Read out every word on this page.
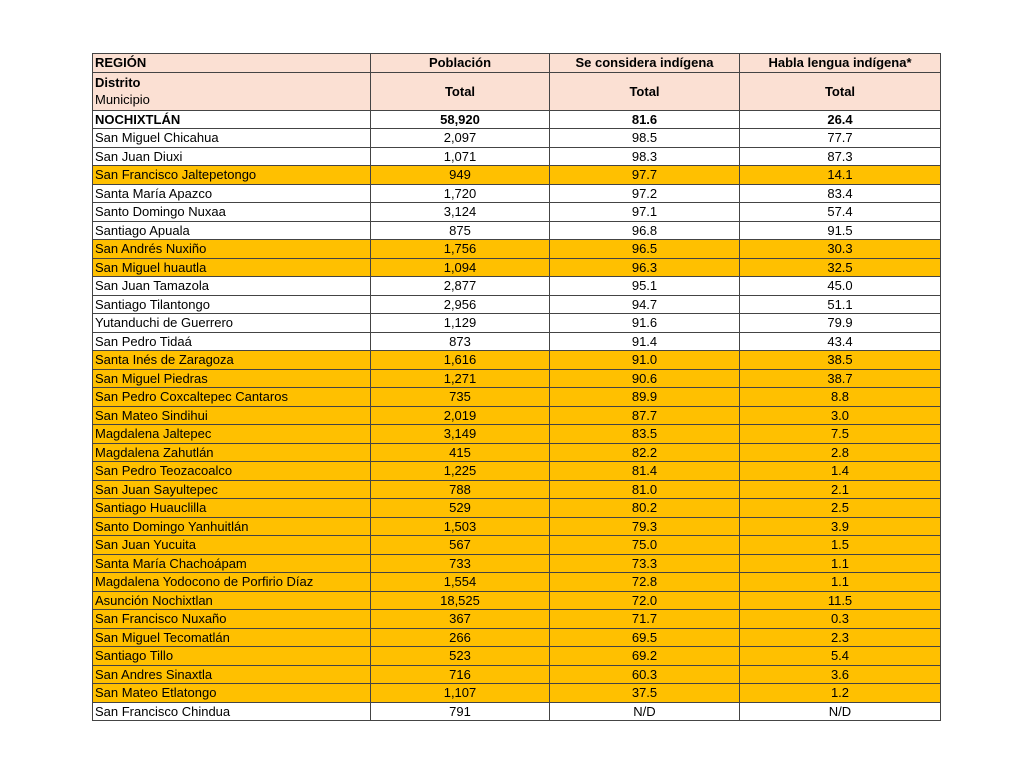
REGIÓN	Población	Se considera indígena	Habla lengua indígena*

Distrito
Municipio	Total	Total	Total
NOCHIXTLÁN	58,920	81.6	26.4
San Miguel Chicahua	2,097	98.5	77.7
San Juan Diuxi	1,071	98.3	87.3
San Francisco Jaltepetongo	949	97.7	14.1
Santa María Apazco	1,720	97.2	83.4
Santo Domingo Nuxaa	3,124	97.1	57.4
Santiago Apuala	875	96.8	91.5
San Andrés Nuxiño	1,756	96.5	30.3
San Miguel huautla	1,094	96.3	32.5
San Juan Tamazola	2,877	95.1	45.0
Santiago Tilantongo	2,956	94.7	51.1
Yutanduchi de Guerrero	1,129	91.6	79.9
San Pedro Tidaá	873	91.4	43.4
Santa Inés de Zaragoza	1,616	91.0	38.5
San Miguel Piedras	1,271	90.6	38.7
San Pedro Coxcaltepec Cantaros	735	89.9	8.8
San Mateo Sindihui	2,019	87.7	3.0
Magdalena Jaltepec	3,149	83.5	7.5
Magdalena Zahutlán	415	82.2	2.8
San Pedro Teozacoalco	1,225	81.4	1.4
San Juan Sayultepec	788	81.0	2.1
Santiago Huauclilla	529	80.2	2.5
Santo Domingo Yanhuitlán	1,503	79.3	3.9
San Juan Yucuita	567	75.0	1.5
Santa María Chachoápam	733	73.3	1.1
Magdalena Yodocono de Porfirio Díaz	1,554	72.8	1.1
Asunción Nochixtlan	18,525	72.0	11.5
San Francisco Nuxaño	367	71.7	0.3
San Miguel Tecomatlán	266	69.5	2.3
Santiago Tillo	523	69.2	5.4
San Andres Sinaxtla	716	60.3	3.6
San Mateo Etlatongo	1,107	37.5	1.2
San Francisco Chindua	791	N/D	N/D
